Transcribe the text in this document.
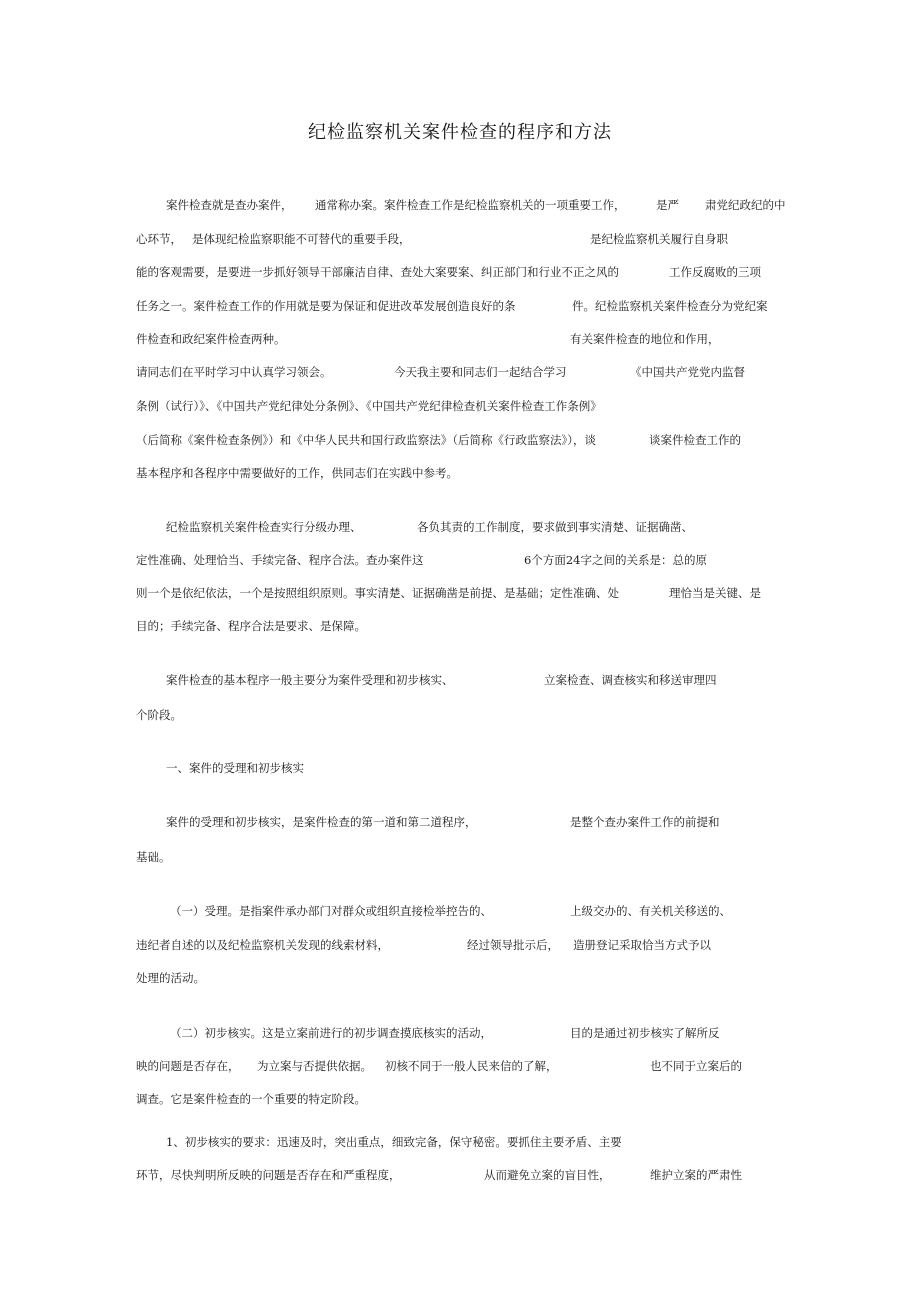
纪检监察机关案件检查的程序和方法
案件检查就是查办案件， 通常称办案。案件检查工作是纪检监察机关的一项重要工作，	是严 肃党纪政纪的中
心环节， 是体现纪检监察职能不可替代的重要手段，	是纪检监察机关履行自身职
能的客观需要，是要进一步抓好领导干部廉洁自律、查处大案要案、纠正部门和行业不正之风的	工作反腐败的三项
任务之一。案件检查工作的作用就是要为保证和促进改革发展创造良好的条	件。纪检监察机关案件检查分为党纪案
件检查和政纪案件检查两种。	有关案件检查的地位和作用，
请同志们在平时学习中认真学习领会。	今天我主要和同志们一起结合学习	《中国共产党党内监督
条例（试行）》、《中国共产党纪律处分条例》、《中国共产党纪律检查机关案件检查工作条例》
（后简称《案件检查条例》）和《中华人民共和国行政监察法》（后简称《行政监察法》），谈	谈案件检查工作的
基本程序和各程序中需要做好的工作，供同志们在实践中参考。
纪检监察机关案件检查实行分级办理、	各负其责的工作制度，要求做到事实清楚、证据确凿、
定性准确、处理恰当、手续完备、程序合法。查办案件这	6个方面24字之间的关系是：总的原
则一个是依纪依法，一个是按照组织原则。事实清楚、证据确凿是前提、是基础；定性准确、处	理恰当是关键、是
目的；手续完备、程序合法是要求、是保障。
案件检查的基本程序一般主要分为案件受理和初步核实、	立案检查、调查核实和移送审理四
个阶段。
一、案件的受理和初步核实
案件的受理和初步核实，是案件检查的第一道和第二道程序，	是整个查办案件工作的前提和
基础。
（一）受理。是指案件承办部门对群众或组织直接检举控告的、	上级交办的、有关机关移送的、
违纪者自述的以及纪检监察机关发现的线索材料，	经过领导批示后， 造册登记采取恰当方式予以
处理的活动。
（二）初步核实。这是立案前进行的初步调查摸底核实的活动，	目的是通过初步核实了解所反
映的问题是否存在， 为立案与否提供依据。 初核不同于一般人民来信的了解，	也不同于立案后的
调查。它是案件检查的一个重要的特定阶段。
1、初步核实的要求：迅速及时，突出重点，细致完备，保守秘密。要抓住主要矛盾、主要
环节，尽快判明所反映的问题是否存在和严重程度，	从而避免立案的盲目性，	维护立案的严肃性
